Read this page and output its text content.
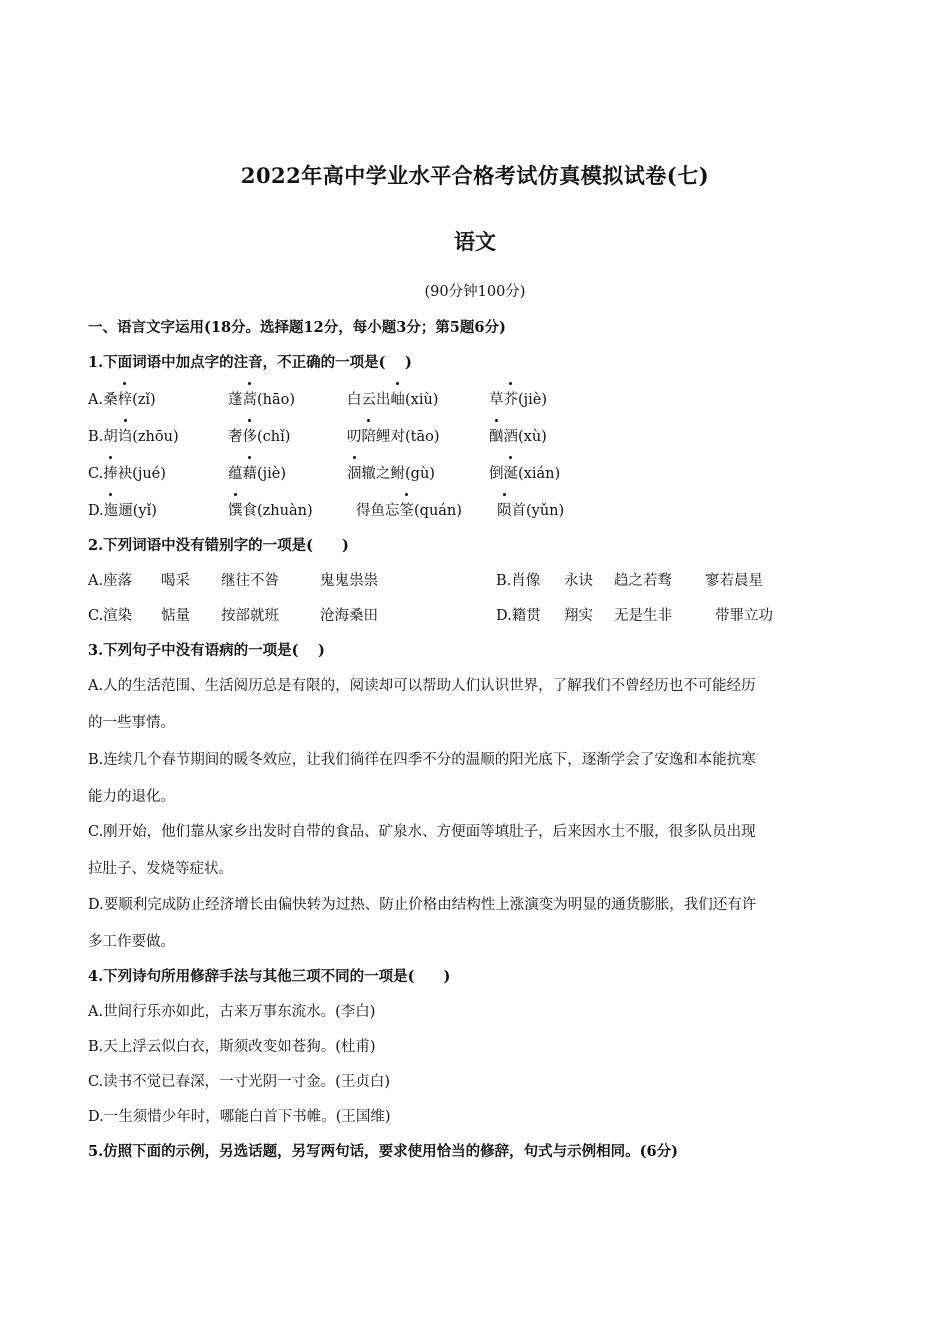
2022年高中学业水平合格考试仿真模拟试卷(七)
语文
(90分钟100分)
一、语言文字运用(18分。选择题12分，每小题3分；第5题6分)
1.下面词语中加点字的注音，不正确的一项是(　 )
A.桑梓(zǐ)	蓬蒿(hāo)	白云出岫(xiù)	草芥(jiè)
B.胡诌(zhōu)	奢侈(chǐ)	叨陪鲤对(tāo)	酗酒(xù)
C.捧袂(jué)	蕴藉(jiè)	涸辙之鲋(gù)	倒涎(xián)
D.迤逦(yǐ)	馔食(zhuàn)	得鱼忘筌(quán) 陨首(yǔn)
2.下列词语中没有错别字的一项是(　　)
A.座落 喝采 继往不咎	鬼鬼祟祟	B.肖像 永诀 趋之若骛 寥若晨星
C.渲染 惦量 按部就班	沧海桑田	D.籍贯 翔实 无是生非	带罪立功
3.下列句子中没有语病的一项是(　 )
A.人的生活范围、生活阅历总是有限的，阅读却可以帮助人们认识世界，了解我们不曾经历也不可能经历
的一些事情。
B.连续几个春节期间的暖冬效应，让我们徜徉在四季不分的温顺的阳光底下，逐渐学会了安逸和本能抗寒
能力的退化。
C.刚开始，他们靠从家乡出发时自带的食品、矿泉水、方便面等填肚子，后来因水土不服，很多队员出现
拉肚子、发烧等症状。
D.要顺利完成防止经济增长由偏快转为过热、防止价格由结构性上涨演变为明显的通货膨胀，我们还有许
多工作要做。
4.下列诗句所用修辞手法与其他三项不同的一项是(　　)
A.世间行乐亦如此，古来万事东流水。(李白)
B.天上浮云似白衣，斯须改变如苍狗。(杜甫)
C.读书不觉已春深，一寸光阴一寸金。(王贞白)
D.一生须惜少年时，哪能白首下书帷。(王国维)
5.仿照下面的示例，另选话题，另写两句话，要求使用恰当的修辞，句式与示例相同。(6分)
